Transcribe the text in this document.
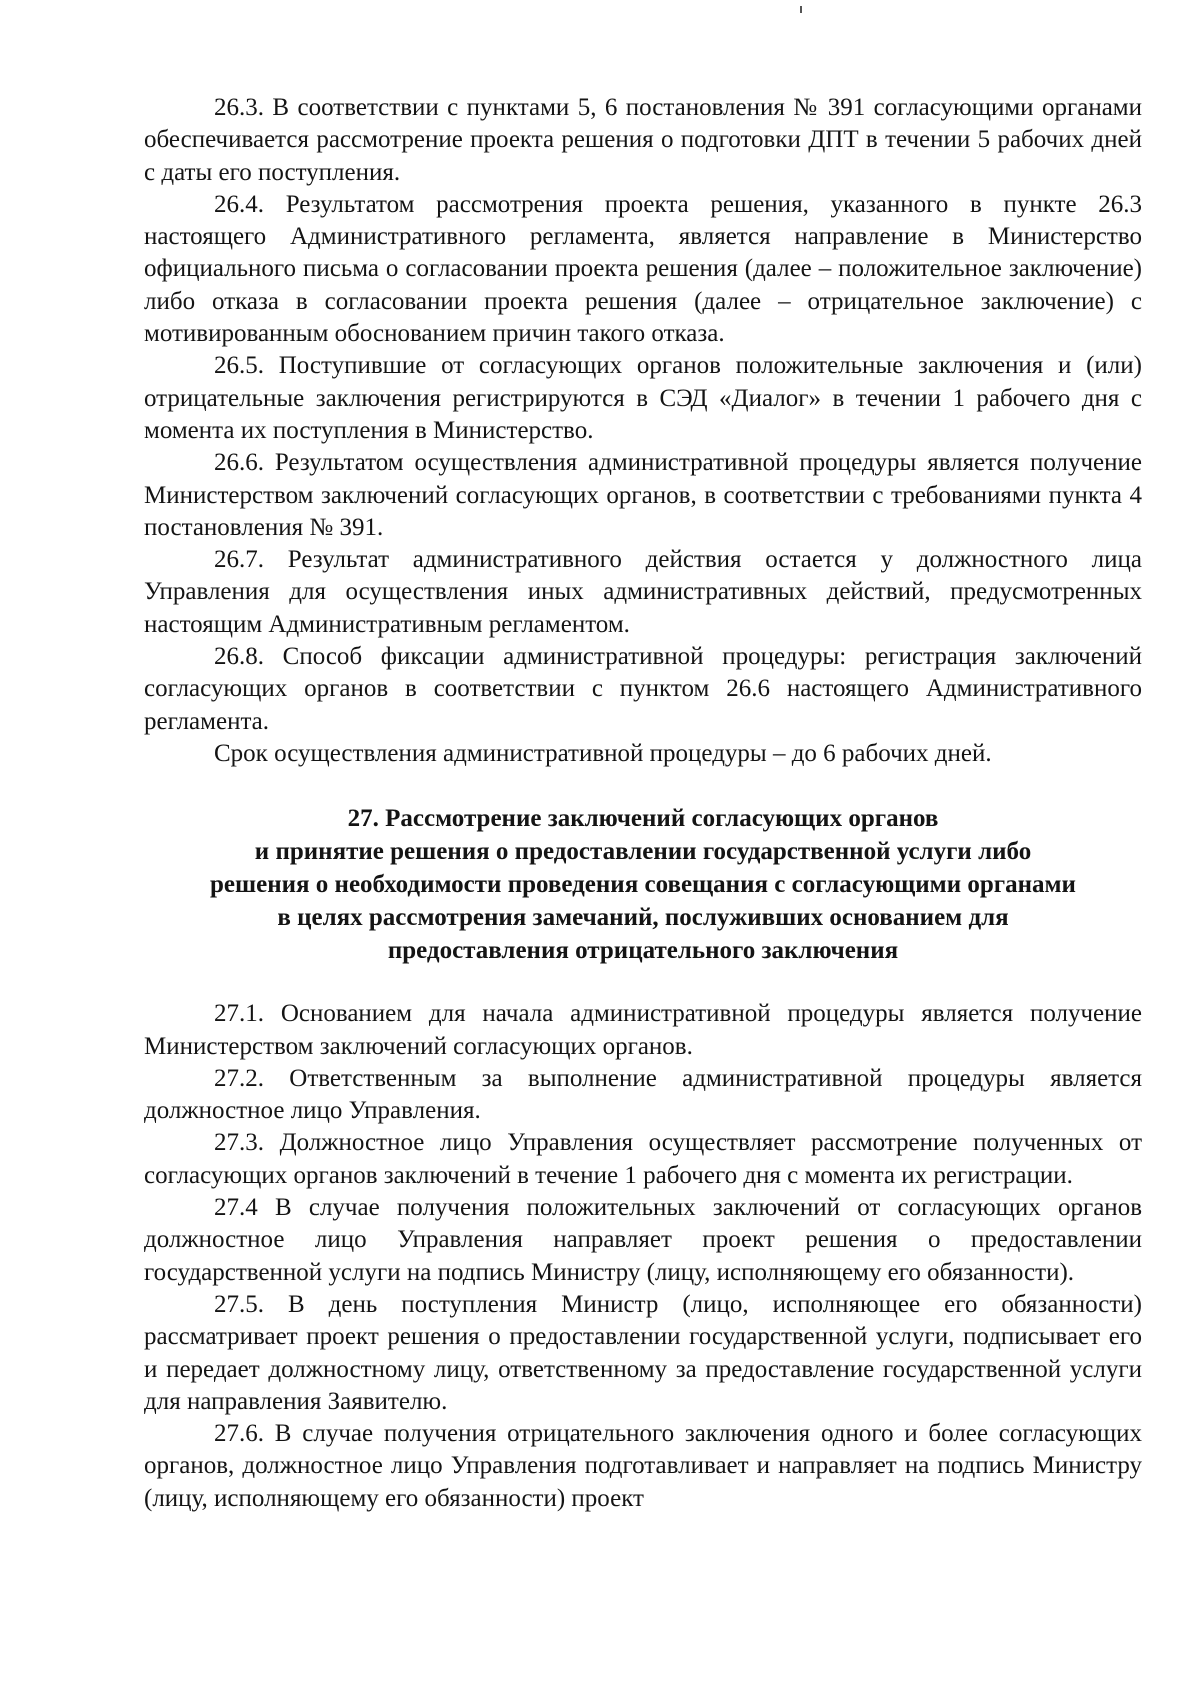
26.3. В соответствии с пунктами 5, 6 постановления № 391 согласующими органами обеспечивается рассмотрение проекта решения о подготовки ДПТ в течении 5 рабочих дней с даты его поступления.

26.4. Результатом рассмотрения проекта решения, указанного в пункте 26.3 настоящего Административного регламента, является направление в Министерство официального письма о согласовании проекта решения (далее – положительное заключение) либо отказа в согласовании проекта решения (далее – отрицательное заключение) с мотивированным обоснованием причин такого отказа.

26.5. Поступившие от согласующих органов положительные заключения и (или) отрицательные заключения регистрируются в СЭД «Диалог» в течении 1 рабочего дня с момента их поступления в Министерство.

26.6. Результатом осуществления административной процедуры является получение Министерством заключений согласующих органов, в соответствии с требованиями пункта 4 постановления № 391.

26.7. Результат административного действия остается у должностного лица Управления для осуществления иных административных действий, предусмотренных настоящим Административным регламентом.

26.8. Способ фиксации административной процедуры: регистрация заключений согласующих органов в соответствии с пунктом 26.6 настоящего Административного регламента.

Срок осуществления административной процедуры – до 6 рабочих дней.

27. Рассмотрение заключений согласующих органов
и принятие решения о предоставлении государственной услуги либо
решения о необходимости проведения совещания с согласующими органами
в целях рассмотрения замечаний, послуживших основанием для
предоставления отрицательного заключения

27.1. Основанием для начала административной процедуры является получение Министерством заключений согласующих органов.

27.2. Ответственным за выполнение административной процедуры является должностное лицо Управления.

27.3. Должностное лицо Управления осуществляет рассмотрение полученных от согласующих органов заключений в течение 1 рабочего дня с момента их регистрации.

27.4 В случае получения положительных заключений от согласующих органов должностное лицо Управления направляет проект решения о предоставлении государственной услуги на подпись Министру (лицу, исполняющему его обязанности).

27.5. В день поступления Министр (лицо, исполняющее его обязанности) рассматривает проект решения о предоставлении государственной услуги, подписывает его и передает должностному лицу, ответственному за предоставление государственной услуги для направления Заявителю.

27.6. В случае получения отрицательного заключения одного и более согласующих органов, должностное лицо Управления подготавливает и направляет на подпись Министру (лицу, исполняющему его обязанности) проект
